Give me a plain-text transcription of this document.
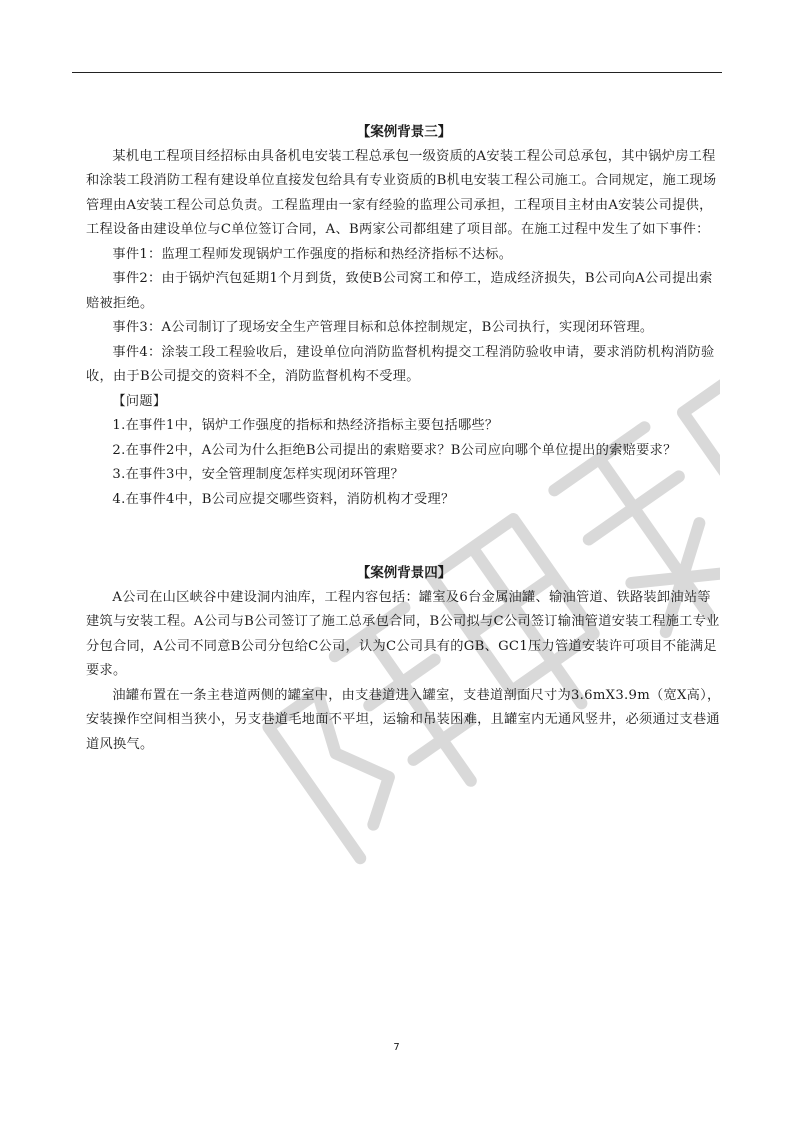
【案例背景三】

某机电工程项目经招标由具备机电安装工程总承包一级资质的A安装工程公司总承包，其中锅炉房工程和涂装工段消防工程有建设单位直接发包给具有专业资质的B机电安装工程公司施工。合同规定，施工现场管理由A安装工程公司总负责。工程监理由一家有经验的监理公司承担，工程项目主材由A安装公司提供，工程设备由建设单位与C单位签订合同，A、B两家公司都组建了项目部。在施工过程中发生了如下事件：

事件1：监理工程师发现锅炉工作强度的指标和热经济指标不达标。

事件2：由于锅炉汽包延期1个月到货，致使B公司窝工和停工，造成经济损失，B公司向A公司提出索赔被拒绝。

事件3：A公司制订了现场安全生产管理目标和总体控制规定，B公司执行，实现闭环管理。

事件4：涂装工段工程验收后，建设单位向消防监督机构提交工程消防验收申请，要求消防机构消防验收，由于B公司提交的资料不全，消防监督机构不受理。

【问题】

1.在事件1中，锅炉工作强度的指标和热经济指标主要包括哪些？

2.在事件2中，A公司为什么拒绝B公司提出的索赔要求？B公司应向哪个单位提出的索赔要求？

3.在事件3中，安全管理制度怎样实现闭环管理？

4.在事件4中，B公司应提交哪些资料，消防机构才受理？

【案例背景四】

A公司在山区峡谷中建设洞内油库，工程内容包括：罐室及6台金属油罐、输油管道、铁路装卸油站等建筑与安装工程。A公司与B公司签订了施工总承包合同，B公司拟与C公司签订输油管道安装工程施工专业分包合同，A公司不同意B公司分包给C公司，认为C公司具有的GB、GC1压力管道安装许可项目不能满足要求。

油罐布置在一条主巷道两侧的罐室中，由支巷道进入罐室，支巷道剖面尺寸为3.6mX3.9m（宽X高），安装操作空间相当狭小，另支巷道毛地面不平坦，运输和吊装困难，且罐室内无通风竖井，必须通过支巷通道风换气。

7
